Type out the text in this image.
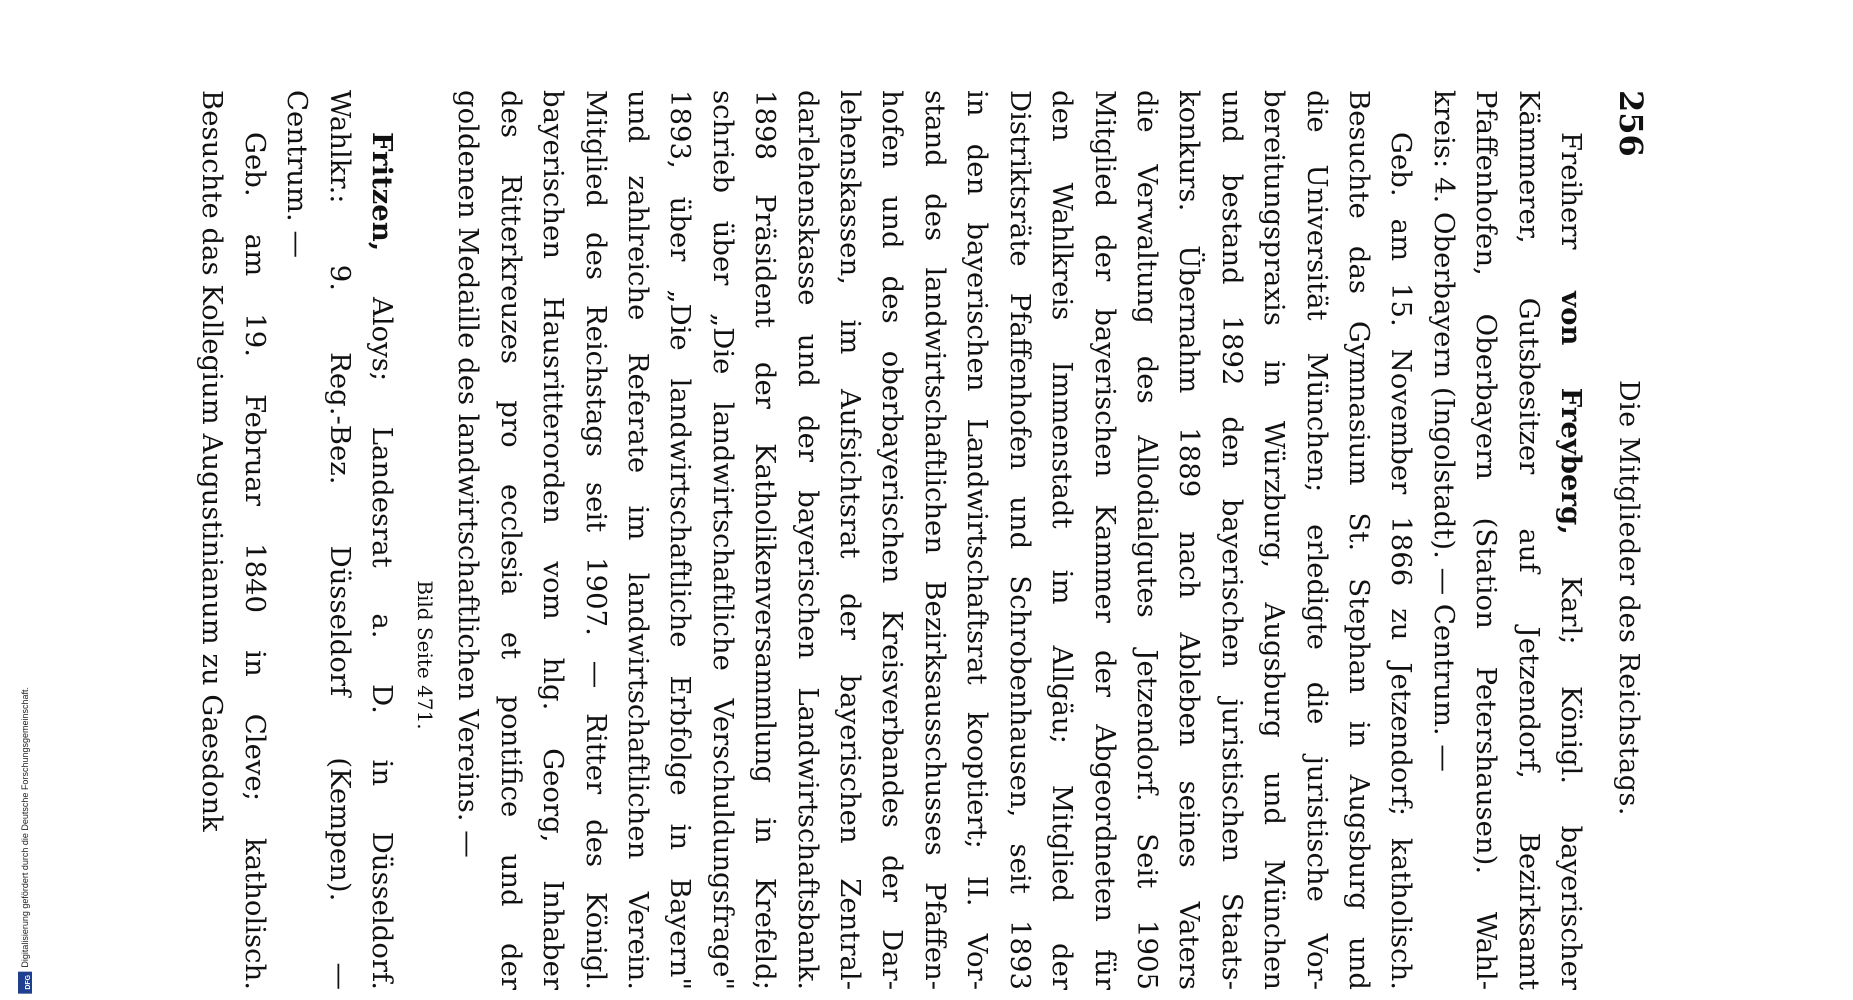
DFG
Digitalisierung gefördert durch die Deutsche Forschungsgemeinschaft.
256
Die Mitglieder des Reichstags.
Freiherr von Freyberg, Karl; Königl. bayerischer
Kämmerer, Gutsbesitzer auf Jetzendorf, Bezirksamt
Pfaffenhofen, Oberbayern (Station Petershausen). Wahl-
kreis: 4. Oberbayern (Ingolstadt). — Centrum. —
Geb. am 15. November 1866 zu Jetzendorf; katholisch.
Besuchte das Gymnasium St. Stephan in Augsburg und
die Universität München; erledigte die juristische Vor-
bereitungspraxis in Würzburg, Augsburg und München
und bestand 1892 den bayerischen juristischen Staats-
konkurs. Übernahm 1889 nach Ableben seines Vaters
die Verwaltung des Allodialgutes Jetzendorf. Seit 1905
Mitglied der bayerischen Kammer der Abgeordneten für
den Wahlkreis Immenstadt im Allgäu; Mitglied der
Distriktsräte Pfaffenhofen und Schrobenhausen, seit 1893
in den bayerischen Landwirtschaftsrat kooptiert; II. Vor-
stand des landwirtschaftlichen Bezirksausschusses Pfaffen-
hofen und des oberbayerischen Kreisverbandes der Dar-
lehenskassen, im Aufsichtsrat der bayerischen Zentral-
darlehenskasse und der bayerischen Landwirtschaftsbank.
1898 Präsident der Katholikenversammlung in Krefeld;
schrieb über „Die landwirtschaftliche Verschuldungsfrage"
1893, über „Die landwirtschaftliche Erbfolge in Bayern"
und zahlreiche Referate im landwirtschaftlichen Verein.
Mitglied des Reichstags seit 1907. — Ritter des Königl.
bayerischen Hausritterorden vom hlg. Georg, Inhaber
des Ritterkreuzes pro ecclesia et pontifice und der
goldenen Medaille des landwirtschaftlichen Vereins. —
Bild Seite 471.
Fritzen, Aloys; Landesrat a. D. in Düsseldorf.
Wahlkr.: 9. Reg.-Bez. Düsseldorf (Kempen). —
Centrum. —
Geb. am 19. Februar 1840 in Cleve; katholisch.
Besuchte das Kollegium Augustinianum zu Gaesdonk
